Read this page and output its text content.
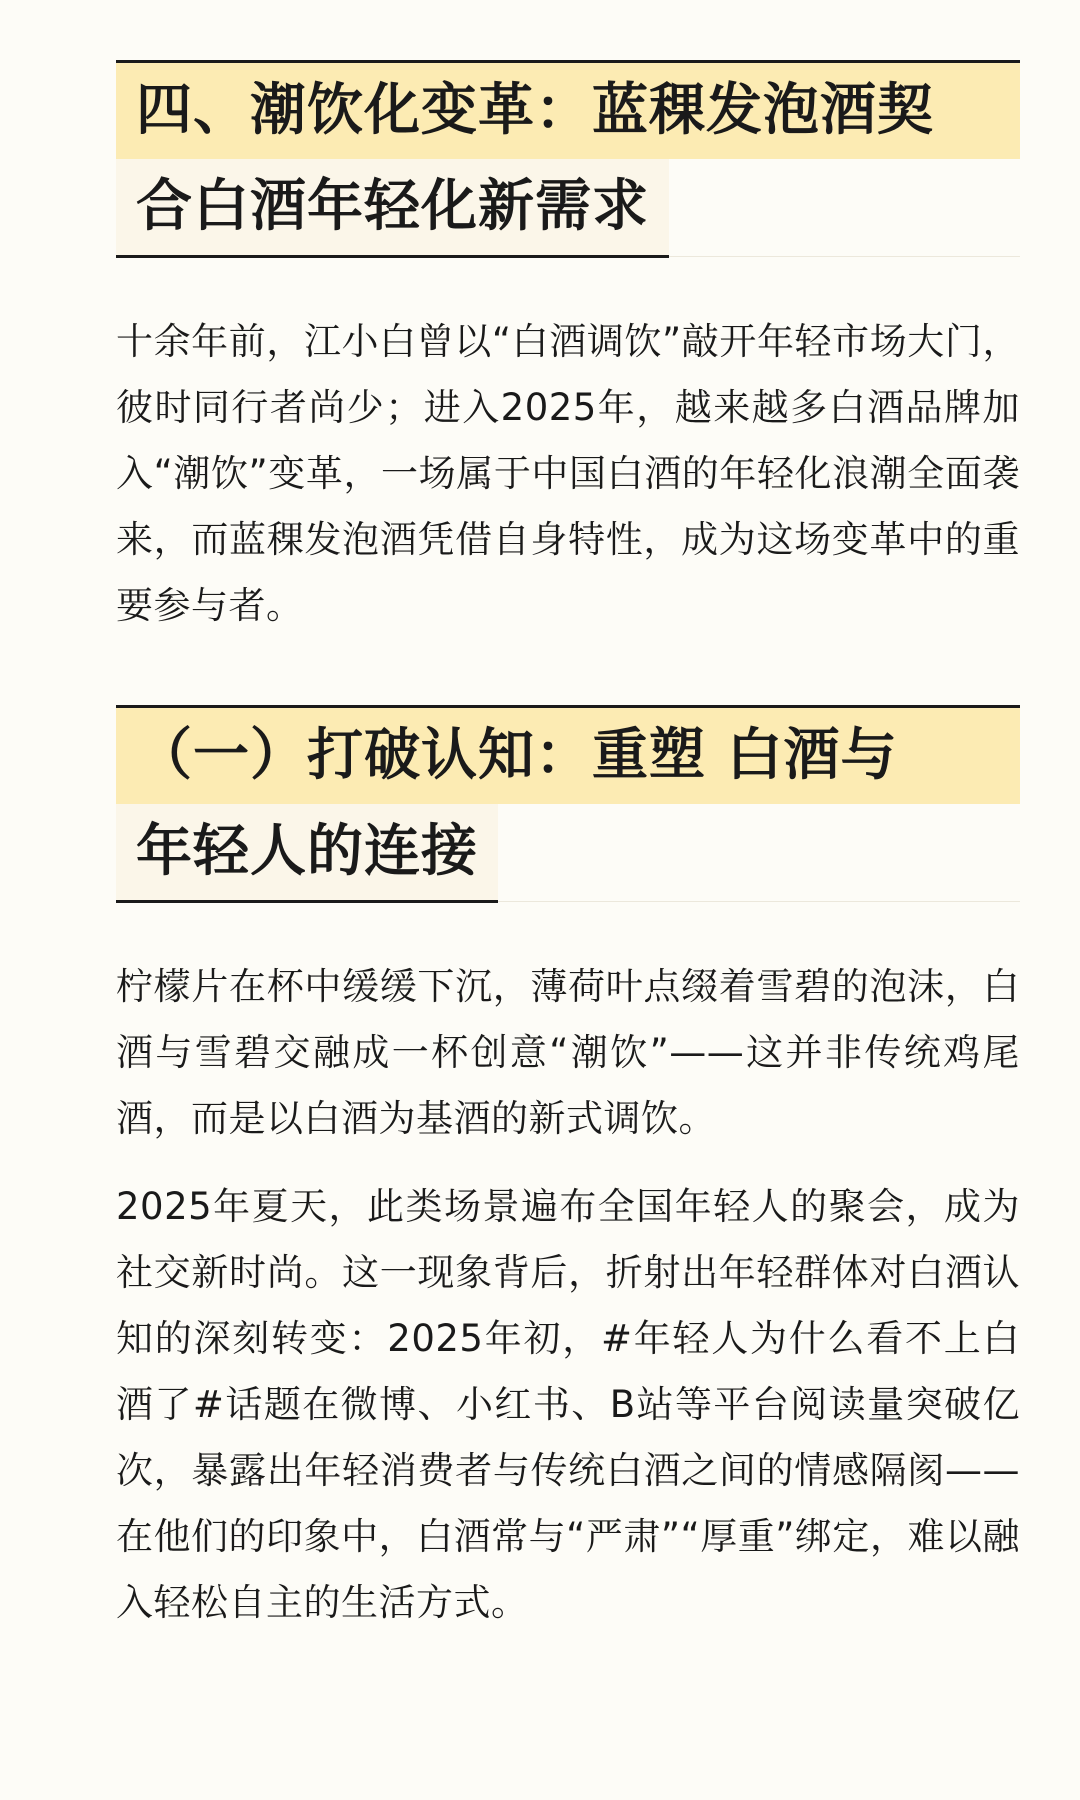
四、潮饮化变革：蓝稞发泡酒契
合白酒年轻化新需求

十余年前，江小白曾以“白酒调饮”敲开年轻市场大门，彼时同行者尚少；进入2025年，越来越多白酒品牌加入“潮饮”变革，一场属于中国白酒的年轻化浪潮全面袭来，而蓝稞发泡酒凭借自身特性，成为这场变革中的重要参与者。

（一）打破认知：重塑 白酒与
年轻人的连接

柠檬片在杯中缓缓下沉，薄荷叶点缀着雪碧的泡沫，白酒与雪碧交融成一杯创意“潮饮”——这并非传统鸡尾酒，而是以白酒为基酒的新式调饮。

2025年夏天，此类场景遍布全国年轻人的聚会，成为社交新时尚。这一现象背后，折射出年轻群体对白酒认知的深刻转变：2025年初，#年轻人为什么看不上白酒了#话题在微博、小红书、B站等平台阅读量突破亿次，暴露出年轻消费者与传统白酒之间的情感隔阂——在他们的印象中，白酒常与“严肃”“厚重”绑定，难以融入轻松自主的生活方式。
